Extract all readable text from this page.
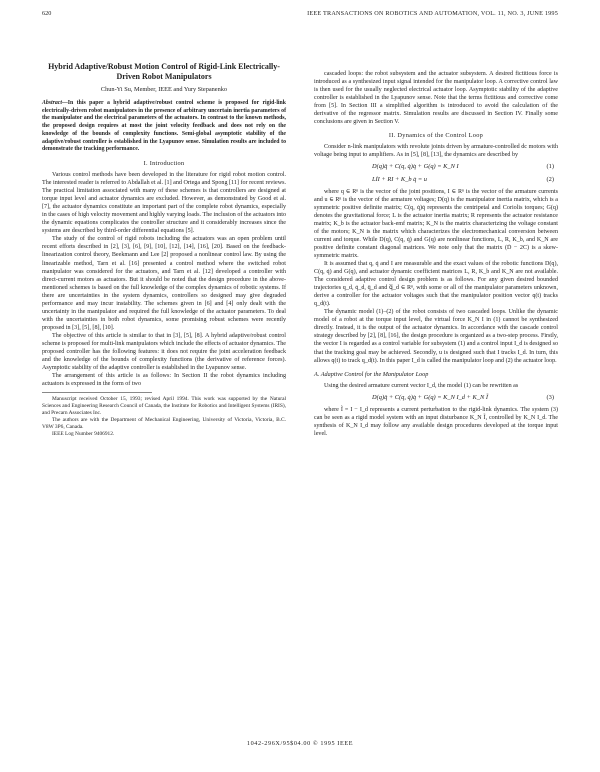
620	IEEE TRANSACTIONS ON ROBOTICS AND AUTOMATION, VOL. 11, NO. 3, JUNE 1995
Hybrid Adaptive/Robust Motion Control of Rigid-Link Electrically-Driven Robot Manipulators
Chun-Yi Su, Member, IEEE and Yury Stepanenko
Abstract—In this paper a hybrid adaptive/robust control scheme is proposed for rigid-link electrically-driven robot manipulators in the presence of arbitrary uncertain inertia parameters of the manipulator and the electrical parameters of the actuators. In contrast to the known methods, the proposed design requires at most the joint velocity feedback and does not rely on the knowledge of the bounds of complexity functions. Semi-global asymptotic stability of the adaptive/robust controller is established in the Lyapunov sense. Simulation results are included to demonstrate the tracking performance.
I. Introduction

Various control methods have been developed in the literature for rigid robot motion control. The interested reader is referred to Abdallah et al. [1] and Ortega and Spong [11] for recent reviews. The practical limitation associated with many of these schemes is that controllers are designed at torque input level and actuator dynamics are excluded. However, as demonstrated by Good et al. [7], the actuator dynamics constitute an important part of the complete robot dynamics, especially in the cases of high velocity movement and highly varying loads. The inclusion of the actuators into the dynamic equations complicates the controller structure and it considerably increases since the systems are described by third-order differential equations [5].

The study of the control of rigid robots including the actuators was an open problem until recent efforts described in [2], [3], [6], [9], [10], [12], [14], [16], [20]. Based on the feedback-linearization control theory, Beekmann and Lee [2] proposed a nonlinear control law. By using the linearizable method, Tarn et al. [16] presented a control method where the switched robot manipulator was considered for the actuators, and Tarn et al. [12] developed a controller with direct-current motors as actuators. But it should be noted that the design procedure in the above-mentioned schemes is based on the full knowledge of the complex dynamics of robotic systems. If there are uncertainties in the system dynamics, controllers so designed may give degraded performance and may incur instability. The schemes given in [6] and [4] only dealt with the uncertainty in the manipulator and required the full knowledge of the actuator parameters. To deal with the uncertainties in both robot dynamics, some promising robust schemes were recently proposed in [3], [5], [8], [10].

The objective of this article is similar to that in [3], [5], [8]. A hybrid adaptive/robust control scheme is proposed for multi-link manipulators which include the effects of actuator dynamics. The proposed controller has the following features: it does not require the joint acceleration feedback and the knowledge of the bounds of complexity functions (the derivative of reference forces). Asymptotic stability of the adaptive controller is established in the Lyapunov sense.

The arrangement of this article is as follows: In Section II the robot dynamics including actuators is expressed in the form of two

Manuscript received October 15, 1993; revised April 1994. This work was supported by the Natural Sciences and Engineering Research Council of Canada, the Institute for Robotics and Intelligent Systems (IRIS), and Precarn Associates Inc.
The authors are with the Department of Mechanical Engineering, University of Victoria, Victoria, B.C. V8W 3P6, Canada.
IEEE Log Number 9406912.

cascaded loops: the robot subsystem and the actuator subsystem. A desired fictitious force is introduced as a synthesized input signal intended for the manipulator loop. A corrective control law is then used for the usually neglected electrical actuator loop. Asymptotic stability of the adaptive controller is established in the Lyapunov sense. Note that the terms fictitious and corrective come from [5]. In Section III a simplified algorithm is introduced to avoid the calculation of the derivative of the regressor matrix. Simulation results are discussed in Section IV. Finally some conclusions are given in Section V.

II. Dynamics of the Control Loop

Consider n-link manipulators with revolute joints driven by armature-controlled dc motors with voltage being input to amplifiers. As in [5], [8], [13], the dynamics are described by

D(q)q̈ + C(q, q̇)q̇ + G(q) = K_N I	(1)
LİI + RI + K_b q̇ = u	(2)

where q ∈ Rⁿ is the vector of the joint positions, I ∈ Rⁿ is the vector of the armature currents and u ∈ Rⁿ is the vector of the armature voltages; D(q) is the manipulator inertia matrix, which is a symmetric positive definite matrix; C(q, q̇)q̇ represents the centripetal and Coriolis torques; G(q) denotes the gravitational force; L is the actuator inertia matrix; R represents the actuator resistance matrix; K_b is the actuator back-emf matrix; K_N is the matrix characterizing the voltage constant of the motors; K_N is the matrix which characterizes the electromechanical conversion between current and torque. While D(q), C(q, q̇) and G(q) are nonlinear functions, L, R, K_b, and K_N are positive definite constant diagonal matrices. We note only that the matrix (Ḋ − 2C) is a skew-symmetric matrix.

It is assumed that q, q̇ and I are measurable and the exact values of the robotic functions D(q), C(q, q̇) and G(q), and actuator dynamic coefficient matrices L, R, K_b and K_N are not available. The considered adaptive control design problem is as follows. For any given desired bounded trajectories q_d, q̇_d, q̈_d and q⃛_d ∈ Rⁿ, with some or all of the manipulator parameters unknown, derive a controller for the actuator voltages such that the manipulator position vector q(t) tracks q_d(t).

The dynamic model (1)–(2) of the robot consists of two cascaded loops. Unlike the dynamic model of a robot at the torque input level, the virtual force K_N I in (1) cannot be synthesized directly. Instead, it is the output of the actuator dynamics. In accordance with the cascade control strategy described by [2], [8], [16], the design procedure is organized as a two-step process. Firstly, the vector I is regarded as a control variable for subsystem (1) and a control input I_d is designed so that the tracking goal may be achieved. Secondly, u is designed such that I tracks I_d. In turn, this allows q(t) to track q_d(t). In this paper I_d is called the manipulator loop and (2) the actuator loop.

A. Adaptive Control for the Manipulator Loop

Using the desired armature current vector I_d, the model (1) can be rewritten as

D(q)q̈ + C(q, q̇)q̇ + G(q) = K_N I_d + K_N Ĩ	(3)

where Ĩ = I − I_d represents a current perturbation to the rigid-link dynamics. The system (3) can be seen as a rigid model system with an input disturbance K_N Ĩ, controlled by K_N I_d. The synthesis of K_N I_d may follow any available design procedures developed at the torque input level.

1042-296X/95$04.00 © 1995 IEEE
